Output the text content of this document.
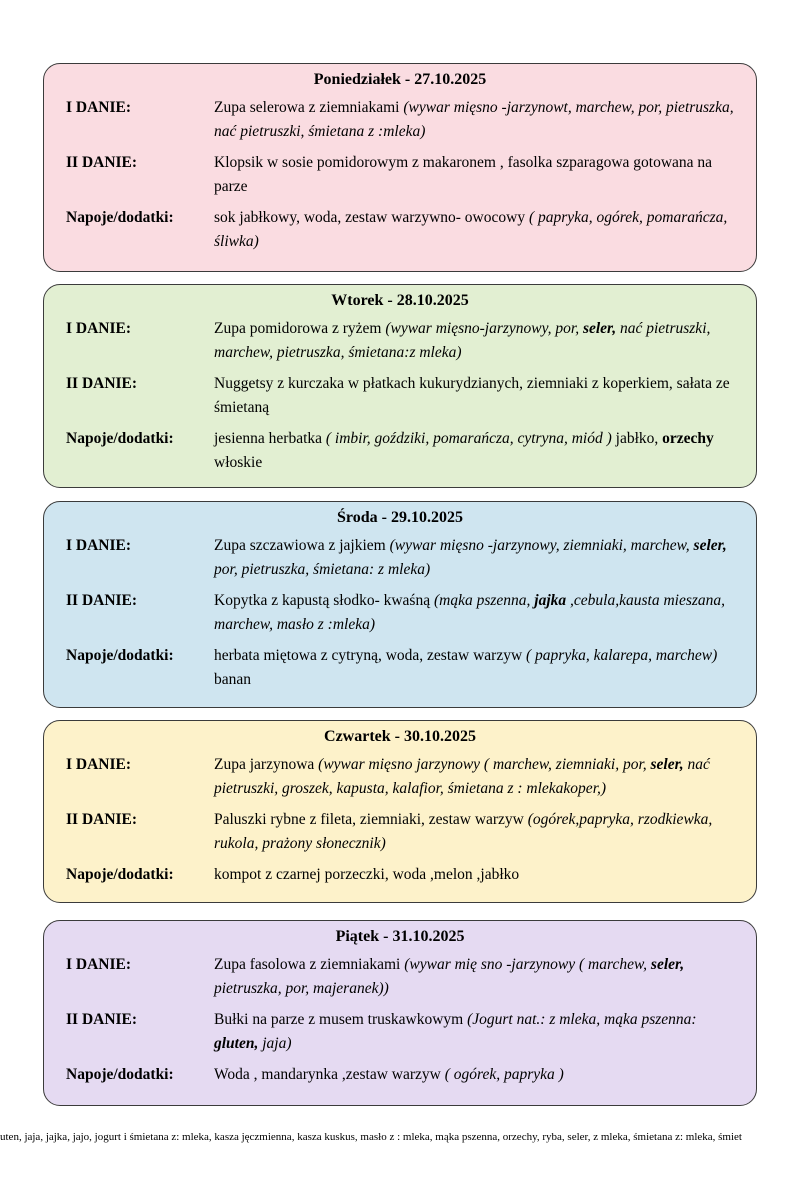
Poniedziałek - 27.10.2025
I DANIE:	Zupa selerowa z ziemniakami (wywar mięsno -jarzynowt, marchew, por, pietruszka, nać pietruszki, śmietana z :mleka)
II DANIE:	Klopsik w sosie pomidorowym z makaronem , fasolka szparagowa gotowana na parze
Napoje/dodatki:	sok jabłkowy, woda, zestaw warzywno- owocowy ( papryka, ogórek, pomarańcza, śliwka)
Wtorek - 28.10.2025
I DANIE:	Zupa pomidorowa z ryżem (wywar mięsno-jarzynowy, por, seler, nać pietruszki, marchew, pietruszka, śmietana:z mleka)
II DANIE:	Nuggetsy z kurczaka w płatkach kukurydzianych, ziemniaki z koperkiem, sałata ze śmietaną
Napoje/dodatki:	jesienna herbatka ( imbir, goździki, pomarańcza, cytryna, miód ) jabłko, orzechy włoskie
Środa - 29.10.2025
I DANIE:	Zupa szczawiowa z jajkiem (wywar mięsno -jarzynowy, ziemniaki, marchew, seler, por, pietruszka, śmietana: z mleka)
II DANIE:	Kopytka z kapustą słodko- kwaśną (mąka pszenna, jajka ,cebula,kausta mieszana, marchew, masło z :mleka)
Napoje/dodatki:	herbata miętowa z cytryną, woda, zestaw warzyw ( papryka, kalarepa, marchew) banan
Czwartek - 30.10.2025
I DANIE:	Zupa jarzynowa (wywar mięsno jarzynowy ( marchew, ziemniaki, por, seler, nać pietruszki, groszek, kapusta, kalafior, śmietana z : mlekakoper,)
II DANIE:	Paluszki rybne z fileta, ziemniaki, zestaw warzyw (ogórek,papryka, rzodkiewka, rukola, prażony słonecznik)
Napoje/dodatki:	kompot z czarnej porzeczki, woda ,melon ,jabłko
Piątek - 31.10.2025
I DANIE:	Zupa fasolowa z ziemniakami (wywar mię sno -jarzynowy ( marchew, seler, pietruszka, por, majeranek))
II DANIE:	Bułki na parze z musem truskawkowym (Jogurt nat.: z mleka, mąka pszenna: gluten, jaja)
Napoje/dodatki:	Woda , mandarynka ,zestaw warzyw ( ogórek, papryka )
uten, jaja, jajka, jajo, jogurt i śmietana z: mleka, kasza jęczmienna, kasza kuskus, masło z : mleka, mąka pszenna, orzechy, ryba, seler, z mleka, śmietana z: mleka, śmiet
